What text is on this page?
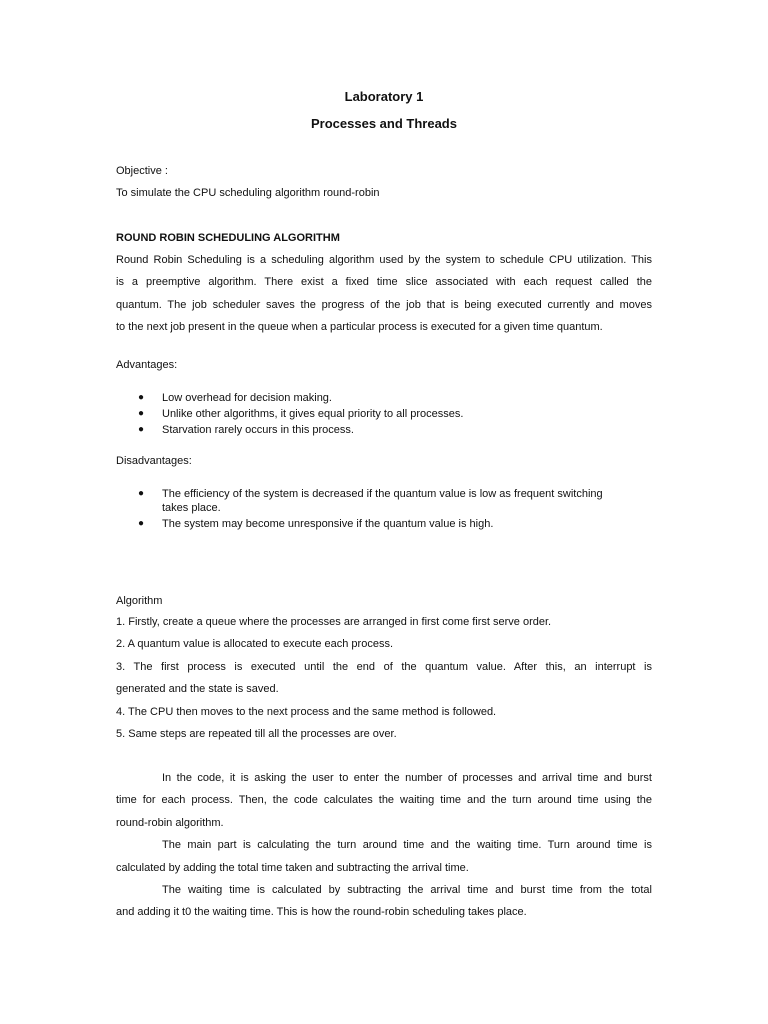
Laboratory 1
Processes and Threads
Objective :
To simulate the CPU scheduling algorithm round-robin
ROUND ROBIN SCHEDULING ALGORITHM
Round Robin Scheduling is a scheduling algorithm used by the system to schedule CPU utilization. This
is a preemptive algorithm. There exist a fixed time slice associated with each request called the
quantum. The job scheduler saves the progress of the job that is being executed currently and moves
to the next job present in the queue when a particular process is executed for a given time quantum.
Advantages:
●	Low overhead for decision making.
●	Unlike other algorithms, it gives equal priority to all processes.
●	Starvation rarely occurs in this process.
Disadvantages:
●	The efficiency of the system is decreased if the quantum value is low as frequent switching
takes place.
●	The system may become unresponsive if the quantum value is high.
Algorithm
1. Firstly, create a queue where the processes are arranged in first come first serve order.
2. A quantum value is allocated to execute each process.
3. The first process is executed until the end of the quantum value. After this, an interrupt is
generated and the state is saved.
4. The CPU then moves to the next process and the same method is followed.
5. Same steps are repeated till all the processes are over.
In the code, it is asking the user to enter the number of processes and arrival time and burst
time for each process. Then, the code calculates the waiting time and the turn around time using the
round-robin algorithm.
The main part is calculating the turn around time and the waiting time. Turn around time is
calculated by adding the total time taken and subtracting the arrival time.
The waiting time is calculated by subtracting the arrival time and burst time from the total
and adding it t0 the waiting time. This is how the round-robin scheduling takes place.
